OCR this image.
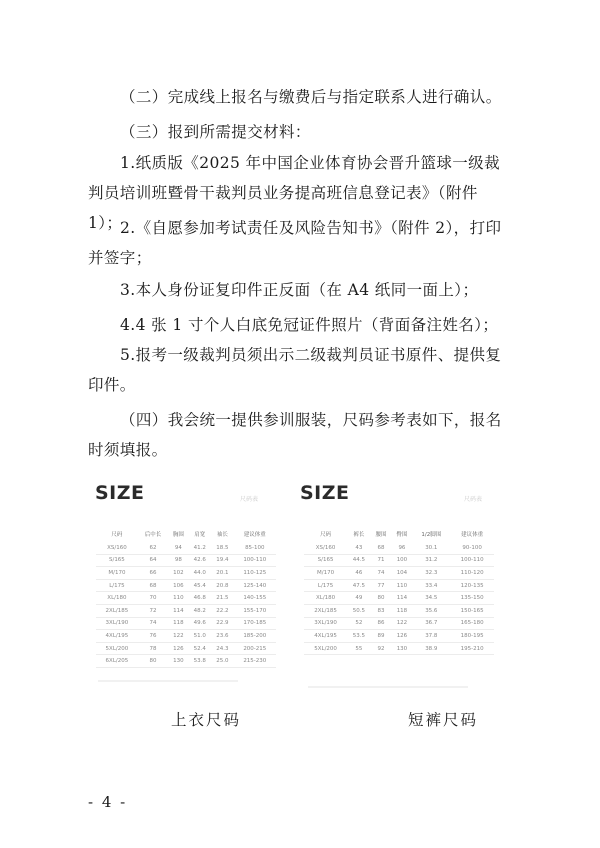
（二）完成线上报名与缴费后与指定联系人进行确认。
（三）报到所需提交材料：
1.纸质版《2025 年中国企业体育协会晋升篮球一级裁判员培训班暨骨干裁判员业务提高班信息登记表》（附件 1）；
2.《自愿参加考试责任及风险告知书》（附件 2），打印并签字；
3.本人身份证复印件正反面（在 A4 纸同一面上）；
4.4 张 1 寸个人白底免冠证件照片（背面备注姓名）；
5.报考一级裁判员须出示二级裁判员证书原件、提供复印件。
（四）我会统一提供参训服装，尺码参考表如下，报名时须填报。
SIZE	尺码表
尺码	后中长	胸围	肩宽	袖长	建议体重
XS/160	62	94	41.2	18.5	85-100
S/165	64	98	42.6	19.4	100-110
M/170	66	102	44.0	20.1	110-125
L/175	68	106	45.4	20.8	125-140
XL/180	70	110	46.8	21.5	140-155
2XL/185	72	114	48.2	22.2	155-170
3XL/190	74	118	49.6	22.9	170-185
4XL/195	76	122	51.0	23.6	185-200
5XL/200	78	126	52.4	24.3	200-215
6XL/205	80	130	53.8	25.0	215-230
SIZE	尺码表
尺码	裤长	腰围	臀围	1/2脚围	建议体重
XS/160	43	68	96	30.1	90-100
S/165	44.5	71	100	31.2	100-110
M/170	46	74	104	32.3	110-120
L/175	47.5	77	110	33.4	120-135
XL/180	49	80	114	34.5	135-150
2XL/185	50.5	83	118	35.6	150-165
3XL/190	52	86	122	36.7	165-180
4XL/195	53.5	89	126	37.8	180-195
5XL/200	55	92	130	38.9	195-210
上衣尺码	短裤尺码
- 4 -
